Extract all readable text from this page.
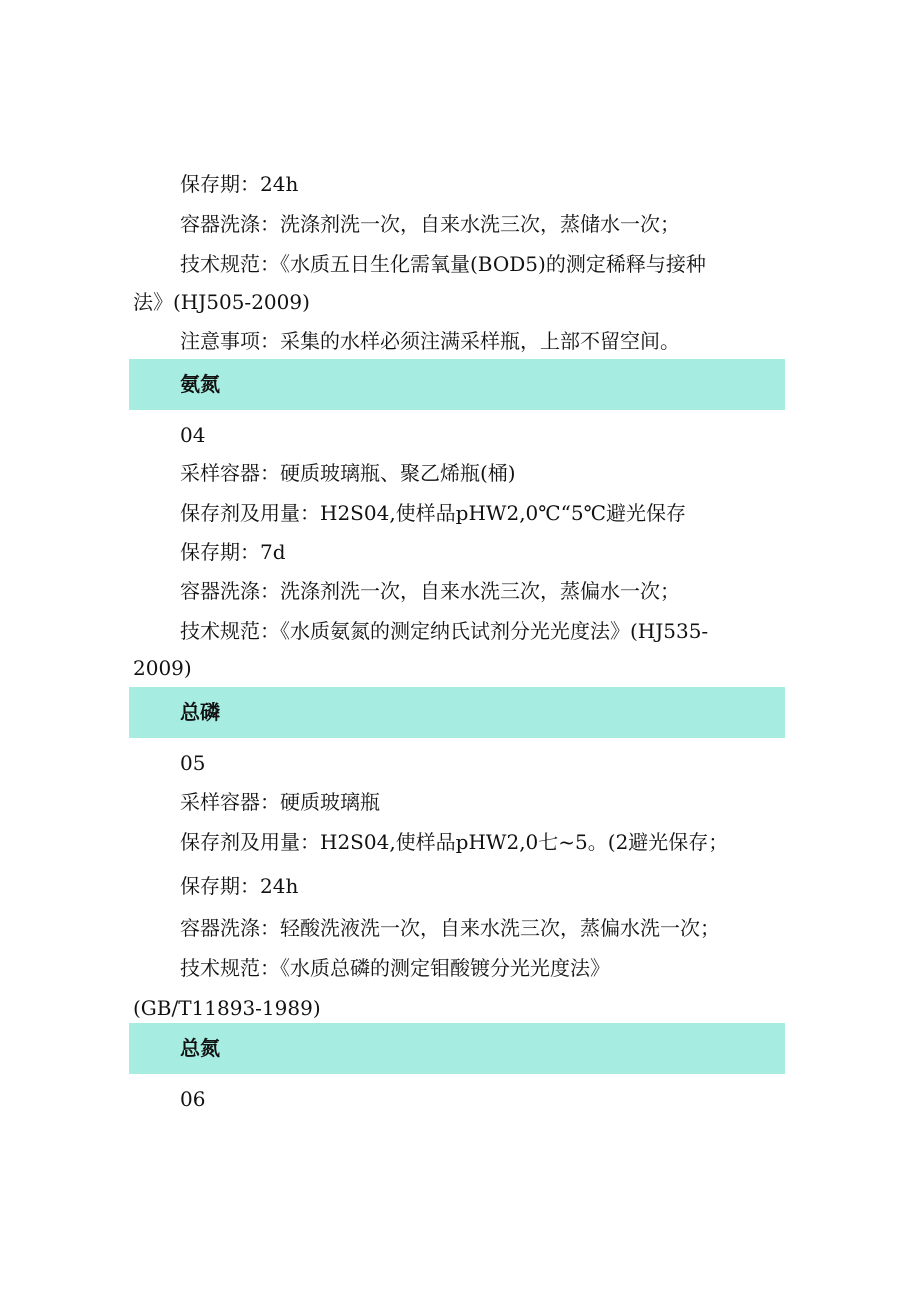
保存期：24h
容器洗涤：洗涤剂洗一次，自来水洗三次，蒸储水一次；
技术规范：《水质五日生化需氧量(BOD5)的测定稀释与接种
法》(HJ505-2009)
注意事项：采集的水样必须注满采样瓶，上部不留空间。
氨氮
04
采样容器：硬质玻璃瓶、聚乙烯瓶(桶)
保存剂及用量：H2S04,使样品pHW2,0℃“5℃避光保存
保存期：7d
容器洗涤：洗涤剂洗一次，自来水洗三次，蒸偏水一次；
技术规范：《水质氨氮的测定纳氏试剂分光光度法》(HJ535-
2009)
总磷
05
采样容器：硬质玻璃瓶
保存剂及用量：H2S04,使样品pHW2,0七~5。(2避光保存；
保存期：24h
容器洗涤：轻酸洗液洗一次，自来水洗三次，蒸偏水洗一次；
技术规范：《水质总磷的测定钼酸镀分光光度法》
(GB/T11893-1989)
总氮
06
